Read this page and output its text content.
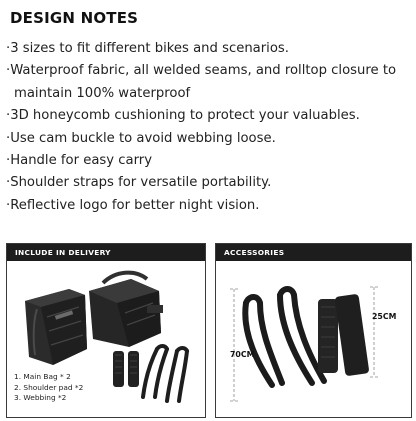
DESIGN NOTES
·3 sizes to fit different bikes and scenarios.
·Waterproof fabric, all welded seams, and rolltop closure to
maintain 100% waterproof
·3D honeycomb cushioning to protect your valuables.
·Use cam buckle to avoid webbing loose.
·Handle for easy carry
·Shoulder straps for versatile portability.
·Reflective logo for better night vision.
INCLUDE IN DELIVERY
1. Main Bag * 2
2. Shoulder pad *2
3. Webbing *2
ACCESSORIES
70CM
25CM
